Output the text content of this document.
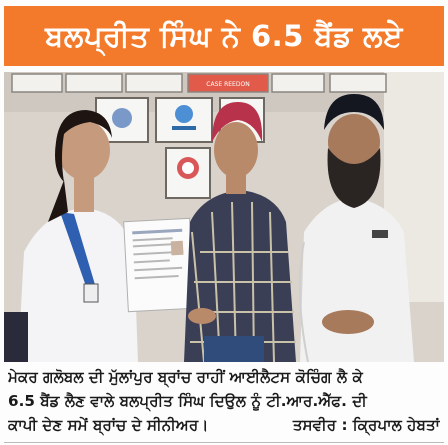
ਬਲਪ੍ਰੀਤ ਸਿੰਘ ਨੇ 6.5 ਬੈਂਡ ਲਏ
CASE REEDON
ਮੇਕਰ ਗਲੋਬਲ ਦੀ ਮੁੱਲਾਂਪੁਰ ਬ੍ਰਾਂਚ ਰਾਹੀਂ ਆਈਲੈਟਸ ਕੋਚਿੰਗ ਲੈ ਕੇ
6.5 ਬੈਂਡ ਲੈਣ ਵਾਲੇ ਬਲਪ੍ਰੀਤ ਸਿੰਘ ਦਿਉਲ ਨੂੰ ਟੀ.ਆਰ.ਐੱਫ. ਦੀ
ਕਾਪੀ ਦੇਣ ਸਮੇਂ ਬ੍ਰਾਂਚ ਦੇ ਸੀਨੀਅਰ।	ਤਸਵੀਰ : ਕ੍ਰਿਪਾਲ ਹੇਬਤਾਂ
